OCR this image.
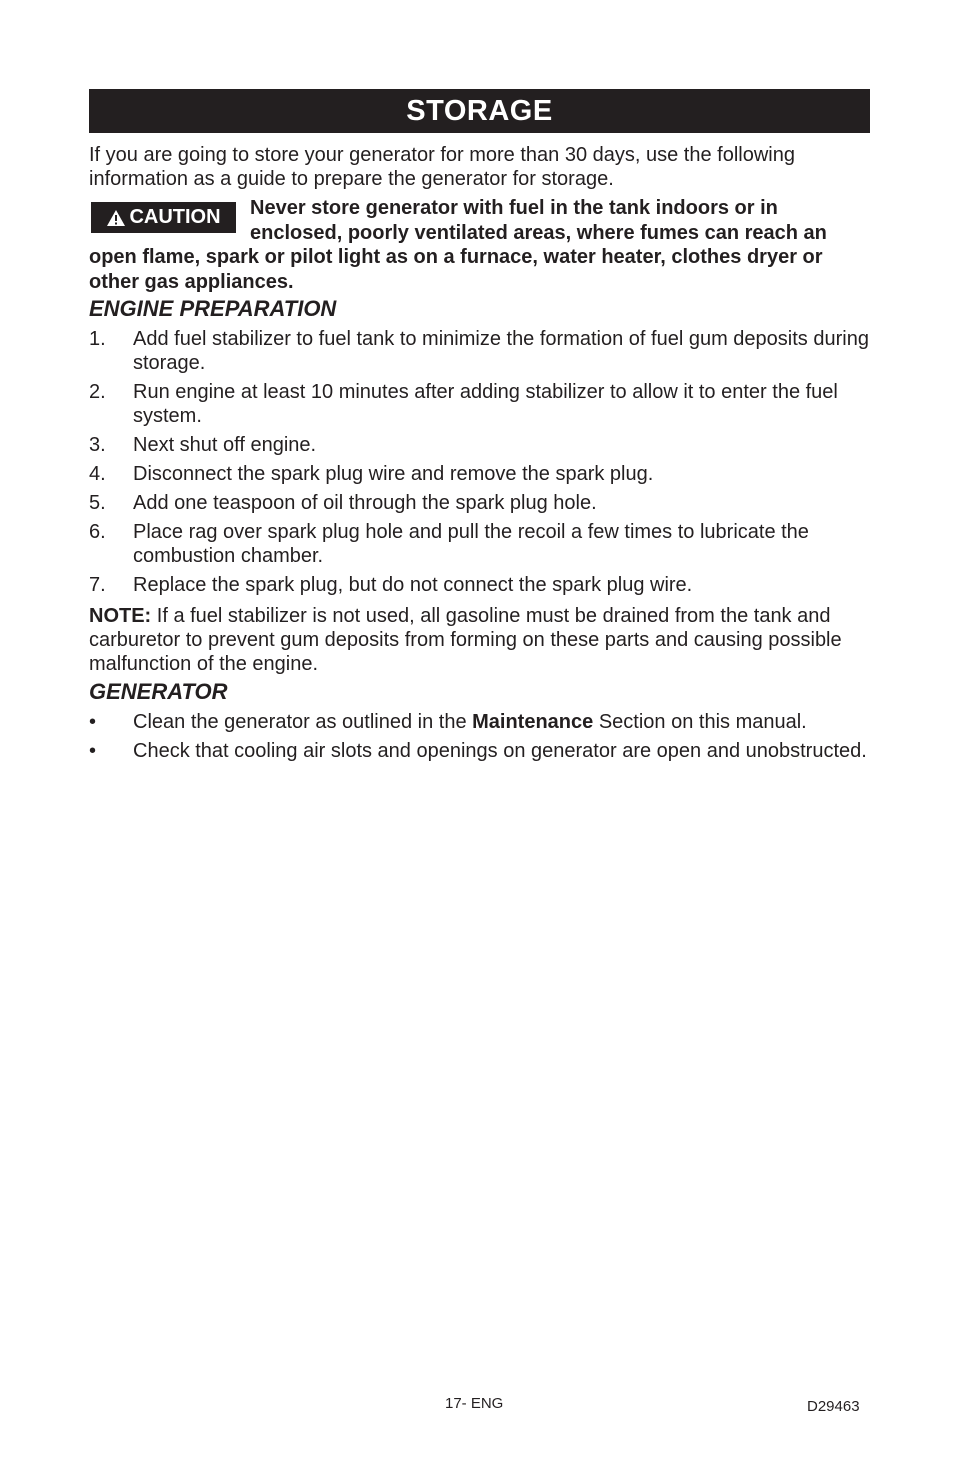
STORAGE
If you are going to store your generator for more than 30 days, use the following information as a guide to prepare the generator for storage.
CAUTION	Never store generator with fuel in the tank indoors or in enclosed, poorly ventilated areas, where fumes can reach an open flame, spark or pilot light as on a furnace, water heater, clothes dryer or other gas appliances.
ENGINE PREPARATION
1. Add fuel stabilizer to fuel tank to minimize the formation of fuel gum deposits during storage.
2. Run engine at least 10 minutes after adding stabilizer to allow it to enter the fuel system.
3. Next shut off engine.
4. Disconnect the spark plug wire and remove the spark plug.
5. Add one teaspoon of oil through the spark plug hole.
6. Place rag over spark plug hole and pull the recoil a few times to lubricate the combustion chamber.
7. Replace the spark plug, but do not connect the spark plug wire.
NOTE: If a fuel stabilizer is not used, all gasoline must be drained from the tank and carburetor to prevent gum deposits from forming on these parts and causing possible malfunction of the engine.
GENERATOR
• Clean the generator as outlined in the Maintenance Section on this manual.
• Check that cooling air slots and openings on generator are open and unobstructed.
17- ENG	D29463
